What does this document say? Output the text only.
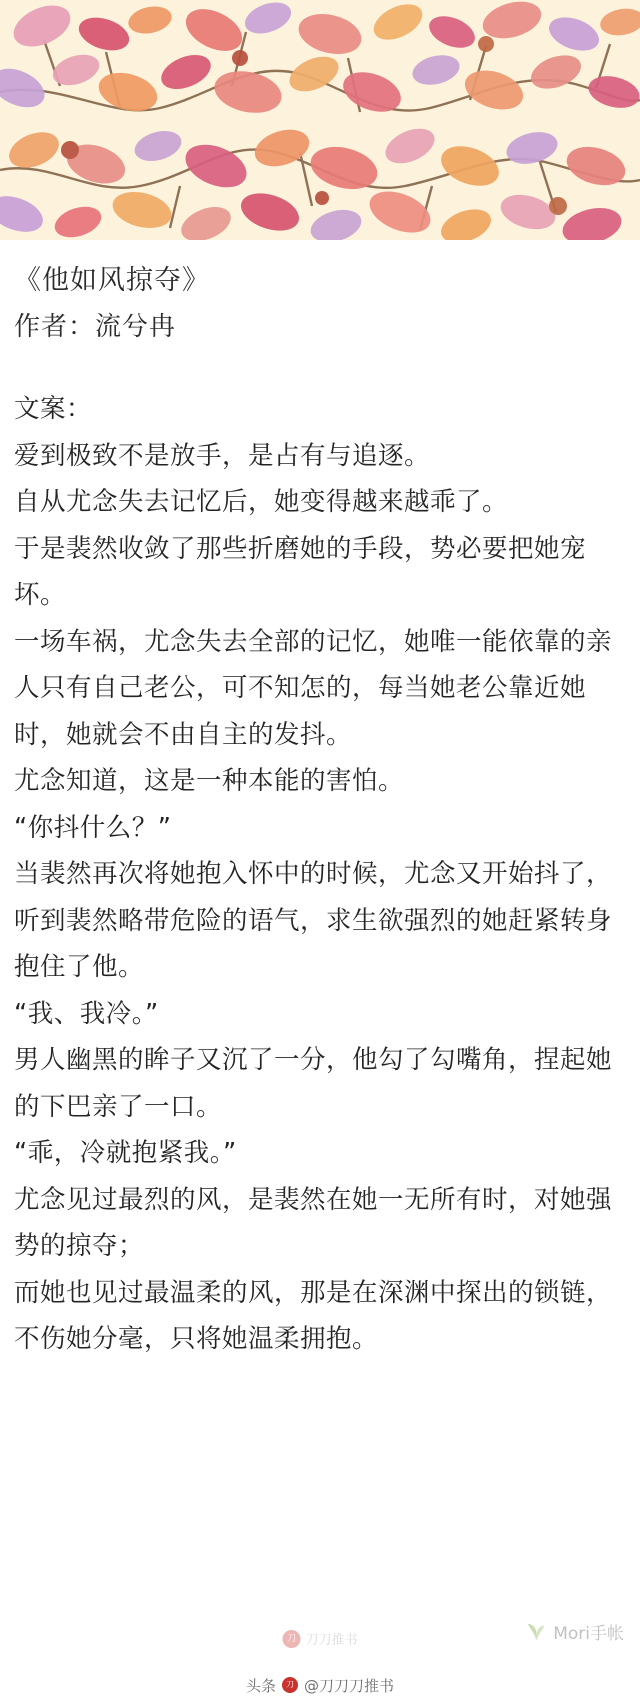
《他如风掠夺》
作者：流兮冉

文案：

爱到极致不是放手，是占有与追逐。

自从尤念失去记忆后，她变得越来越乖了。

于是裴然收敛了那些折磨她的手段，势必要把她宠坏。

一场车祸，尤念失去全部的记忆，她唯一能依靠的亲人只有自己老公，可不知怎的，每当她老公靠近她时，她就会不由自主的发抖。

尤念知道，这是一种本能的害怕。

“你抖什么？”

当裴然再次将她抱入怀中的时候，尤念又开始抖了，听到裴然略带危险的语气，求生欲强烈的她赶紧转身抱住了他。

“我、我冷。”

男人幽黑的眸子又沉了一分，他勾了勾嘴角，捏起她的下巴亲了一口。

“乖，冷就抱紧我。”

尤念见过最烈的风，是裴然在她一无所有时，对她强势的掠夺；

而她也见过最温柔的风，那是在深渊中探出的锁链，不伤她分毫，只将她温柔拥抱。

Mori手帐
刀 刀刀推书
头条	刀 @刀刀刀推书
